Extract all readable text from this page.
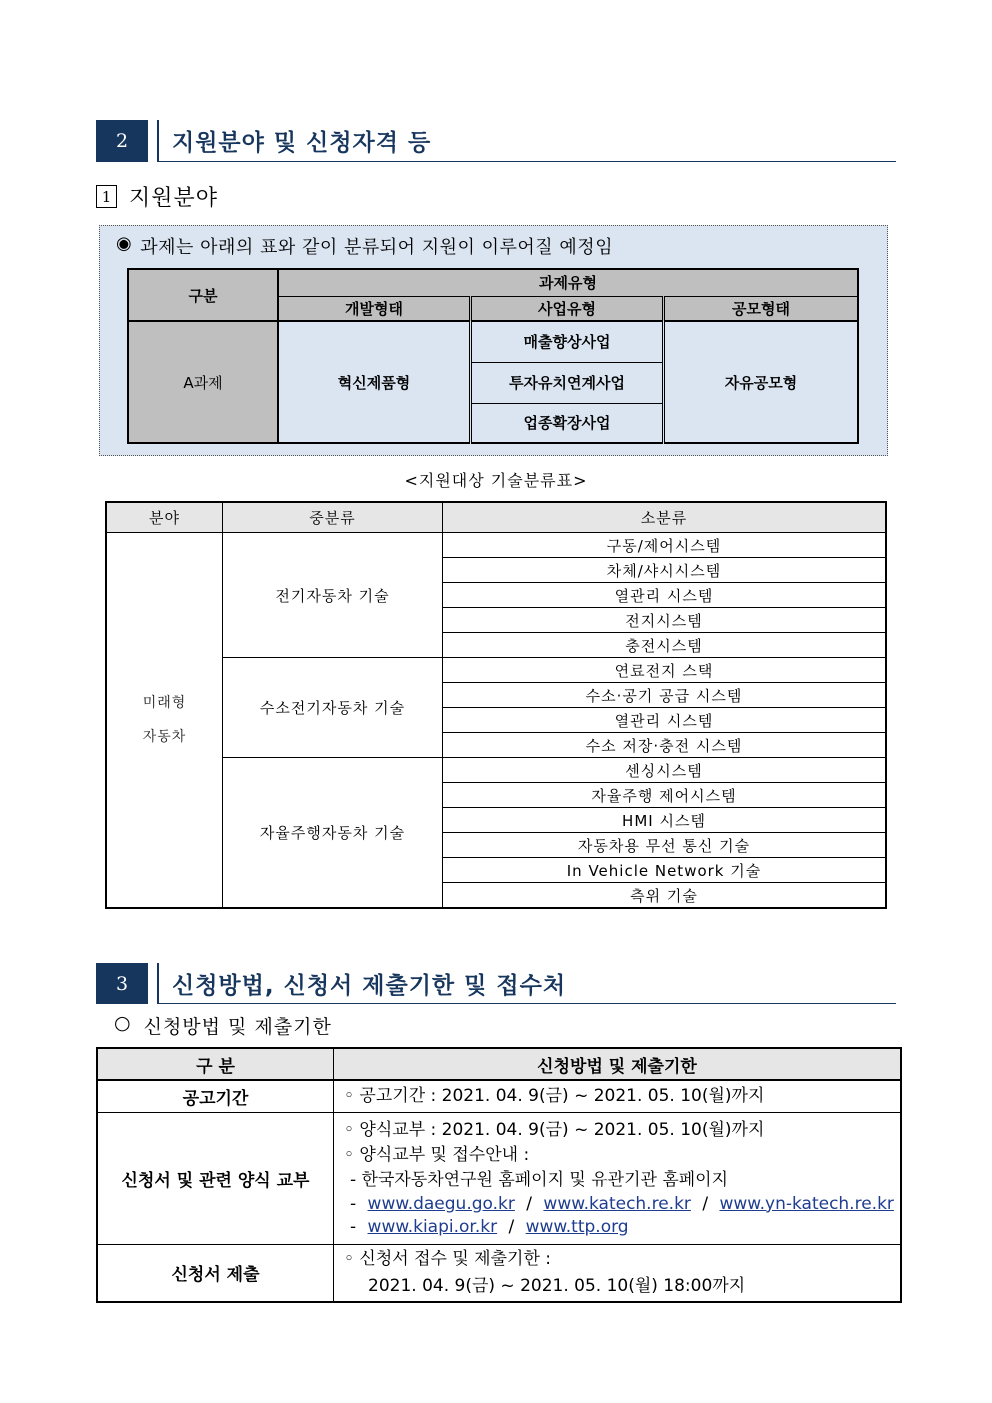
2	지원분야 및 신청자격 등
1 지원분야
◉ 과제는 아래의 표와 같이 분류되어 지원이 이루어질 예정임
구분	과제유형		
	개발형태	사업유형	공모형태
A과제	혁신제품형	매출향상사업	자유공모형
		투자유치연계사업	
		업종확장사업	
<지원대상 기술분류표>
분야	중분류	소분류

미래형
자동차	전기자동차 기술	구동/제어시스템
		차체/샤시시스템
		열관리 시스템
		전지시스템
		충전시스템
	수소전기자동차 기술	연료전지 스택
		수소·공기 공급 시스템
		열관리 시스템
		수소 저장·충전 시스템
	자율주행자동차 기술	센싱시스템
		자율주행 제어시스템
		HMI 시스템
		자동차용 무선 통신 기술
		In Vehicle Network 기술
		측위 기술
3	신청방법, 신청서 제출기한 및 접수처
○ 신청방법 및 제출기한
구 분	신청방법 및 제출기한
공고기간	◦ 공고기간 : 2021. 04. 9(금) ~ 2021. 05. 10(월)까지
신청서 및 관련 양식 교부	◦ 양식교부 : 2021. 04. 9(금) ~ 2021. 05. 10(월)까지
◦ 양식교부 및 접수안내 :
- 한국자동차연구원 홈페이지 및 유관기관 홈페이지
- www.daegu.go.kr / www.katech.re.kr / www.yn-katech.re.kr
- www.kiapi.or.kr / www.ttp.org

신청서 제출	◦ 신청서 접수 및 제출기한 :
2021. 04. 9(금) ~ 2021. 05. 10(월) 18:00까지
